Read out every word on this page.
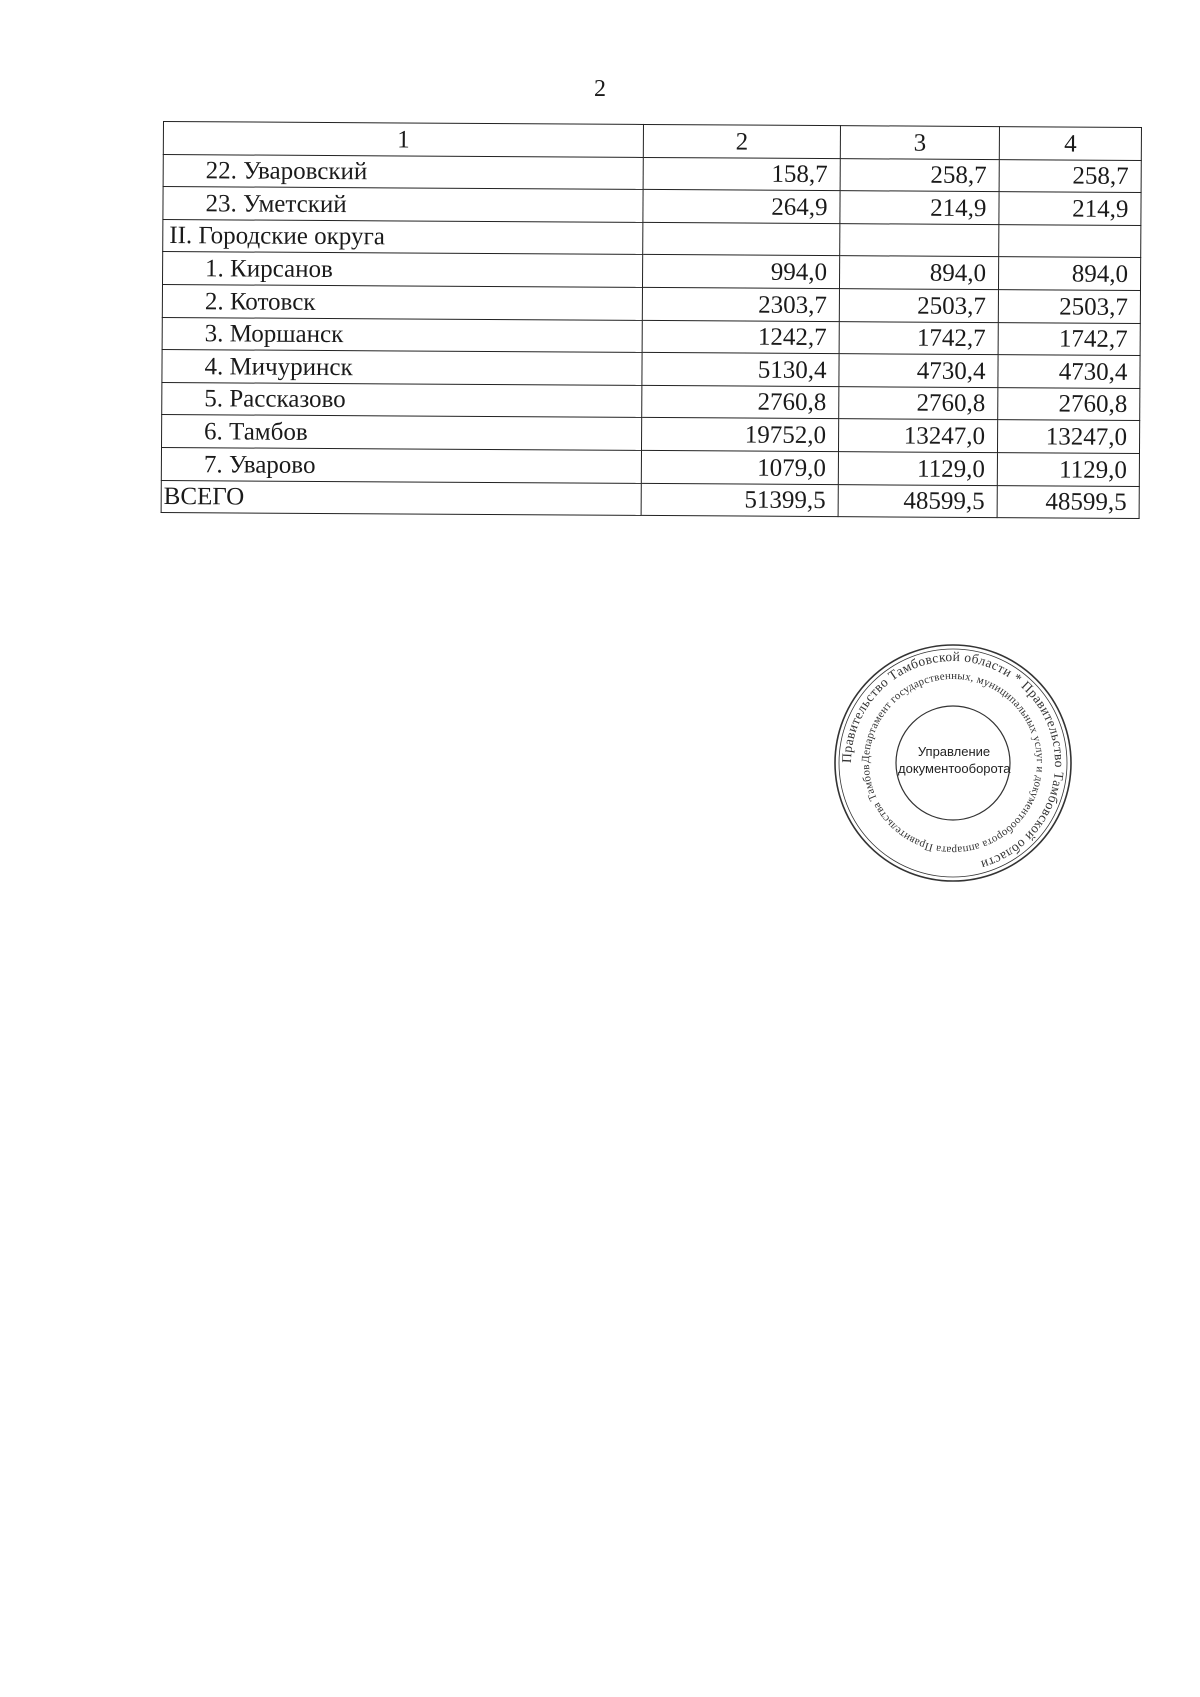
2
1	2	3	4
22. Уваровский	158,7	258,7	258,7
23. Уметский	264,9	214,9	214,9
II. Городские округа			
1. Кирсанов	994,0	894,0	894,0
2. Котовск	2303,7	2503,7	2503,7
3. Моршанск	1242,7	1742,7	1742,7
4. Мичуринск	5130,4	4730,4	4730,4
5. Рассказово	2760,8	2760,8	2760,8
6. Тамбов	19752,0	13247,0	13247,0
7. Уварово	1079,0	1129,0	1129,0
ВСЕГО	51399,5	48599,5	48599,5
Правительство Тамбовской области * Правительство Тамбовской области
Департамент государственных, муниципальных услуг и документооборота аппарата Правительства Тамбов
Управление
документооборота
